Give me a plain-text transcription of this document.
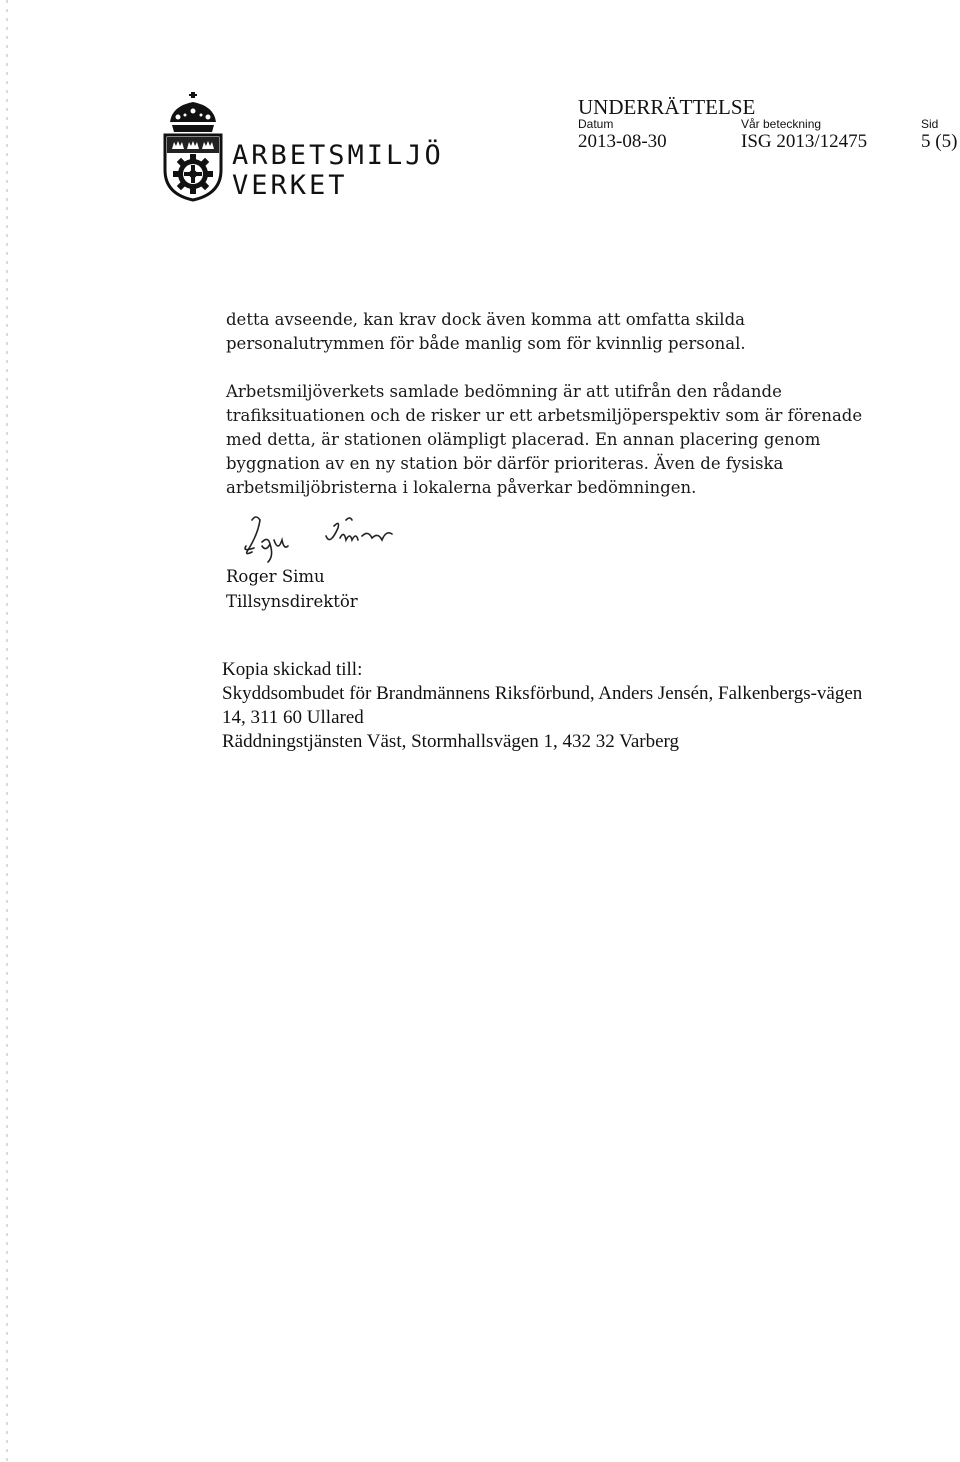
ARBETSMILJÖ
VERKET
UNDERRÄTTELSE
Datum	Vår beteckning	Sid
2013-08-30	ISG 2013/12475	5 (5)
detta avseende, kan krav dock även komma att omfatta skilda personalutrymmen för både manlig som för kvinnlig personal.
Arbetsmiljöverkets samlade bedömning är att utifrån den rådande trafiksituationen och de risker ur ett arbetsmiljöperspektiv som är förenade med detta, är stationen olämpligt placerad. En annan placering genom byggnation av en ny station bör därför prioriteras. Även de fysiska arbetsmiljöbristerna i lokalerna påverkar bedömningen.
Roger Simu
Tillsynsdirektör
Kopia skickad till:
Skyddsombudet för Brandmännens Riksförbund, Anders Jensén, Falkenbergs-vägen 14, 311 60 Ullared
Räddningstjänsten Väst, Stormhallsvägen 1, 432 32 Varberg
